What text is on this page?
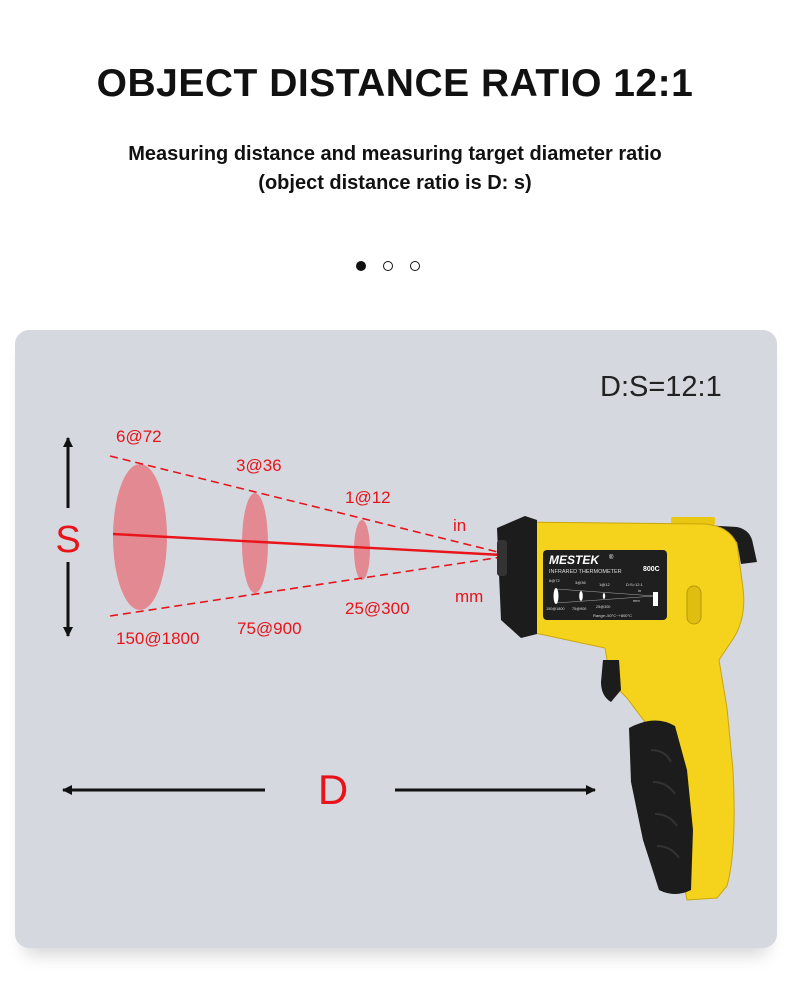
OBJECT DISTANCE RATIO 12:1
Measuring distance and measuring target diameter ratio
(object distance ratio is D: s)
D:S=12:1
S
6@72
3@36
1@12
in
150@1800
75@900
25@300
mm
D
MESTEK ®
INFRARED THERMOMETER	800C
D:S=12:1
6@72	3@36	1@12
in
150@1800 75@900	25@300
mm
Range:-50°C~+800°C
